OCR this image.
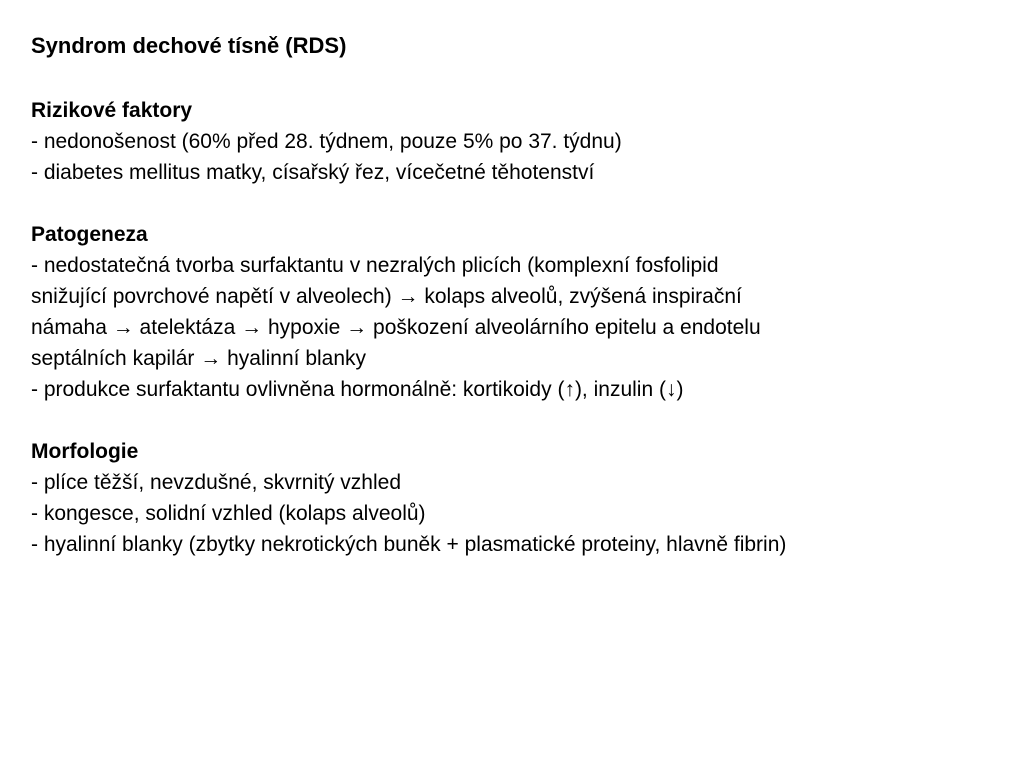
Syndrom dechové tísně (RDS)

Rizikové faktory

- nedonošenost (60% před 28. týdnem, pouze 5% po 37. týdnu)

- diabetes mellitus matky, císařský řez, vícečetné těhotenství

Patogeneza

- nedostatečná tvorba surfaktantu v nezralých plicích (komplexní fosfolipid

snižující povrchové napětí v alveolech) → kolaps alveolů, zvýšená inspirační

námaha → atelektáza → hypoxie → poškození alveolárního epitelu a endotelu

septálních kapilár → hyalinní blanky

- produkce surfaktantu ovlivněna hormonálně: kortikoidy (↑), inzulin (↓)

Morfologie

- plíce těžší, nevzdušné, skvrnitý vzhled

- kongesce, solidní vzhled (kolaps alveolů)

- hyalinní blanky (zbytky nekrotických buněk + plasmatické proteiny, hlavně fibrin)
